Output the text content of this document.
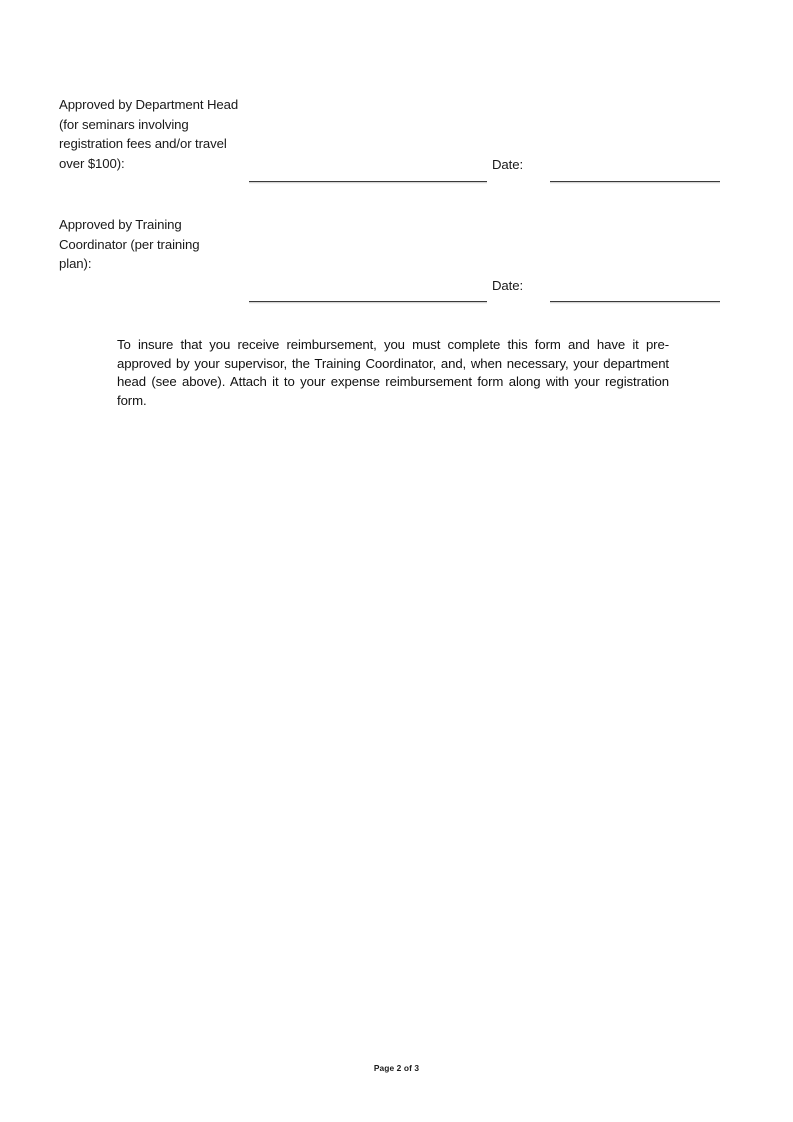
Approved by Department Head (for seminars involving registration fees and/or travel over $100):	Date:
Approved by Training Coordinator (per training plan):
Date:
To insure that you receive reimbursement, you must complete this form and have it pre-approved by your supervisor, the Training Coordinator, and, when necessary, your department head (see above). Attach it to your expense reimbursement form along with your registration form.
Page 2 of 3
